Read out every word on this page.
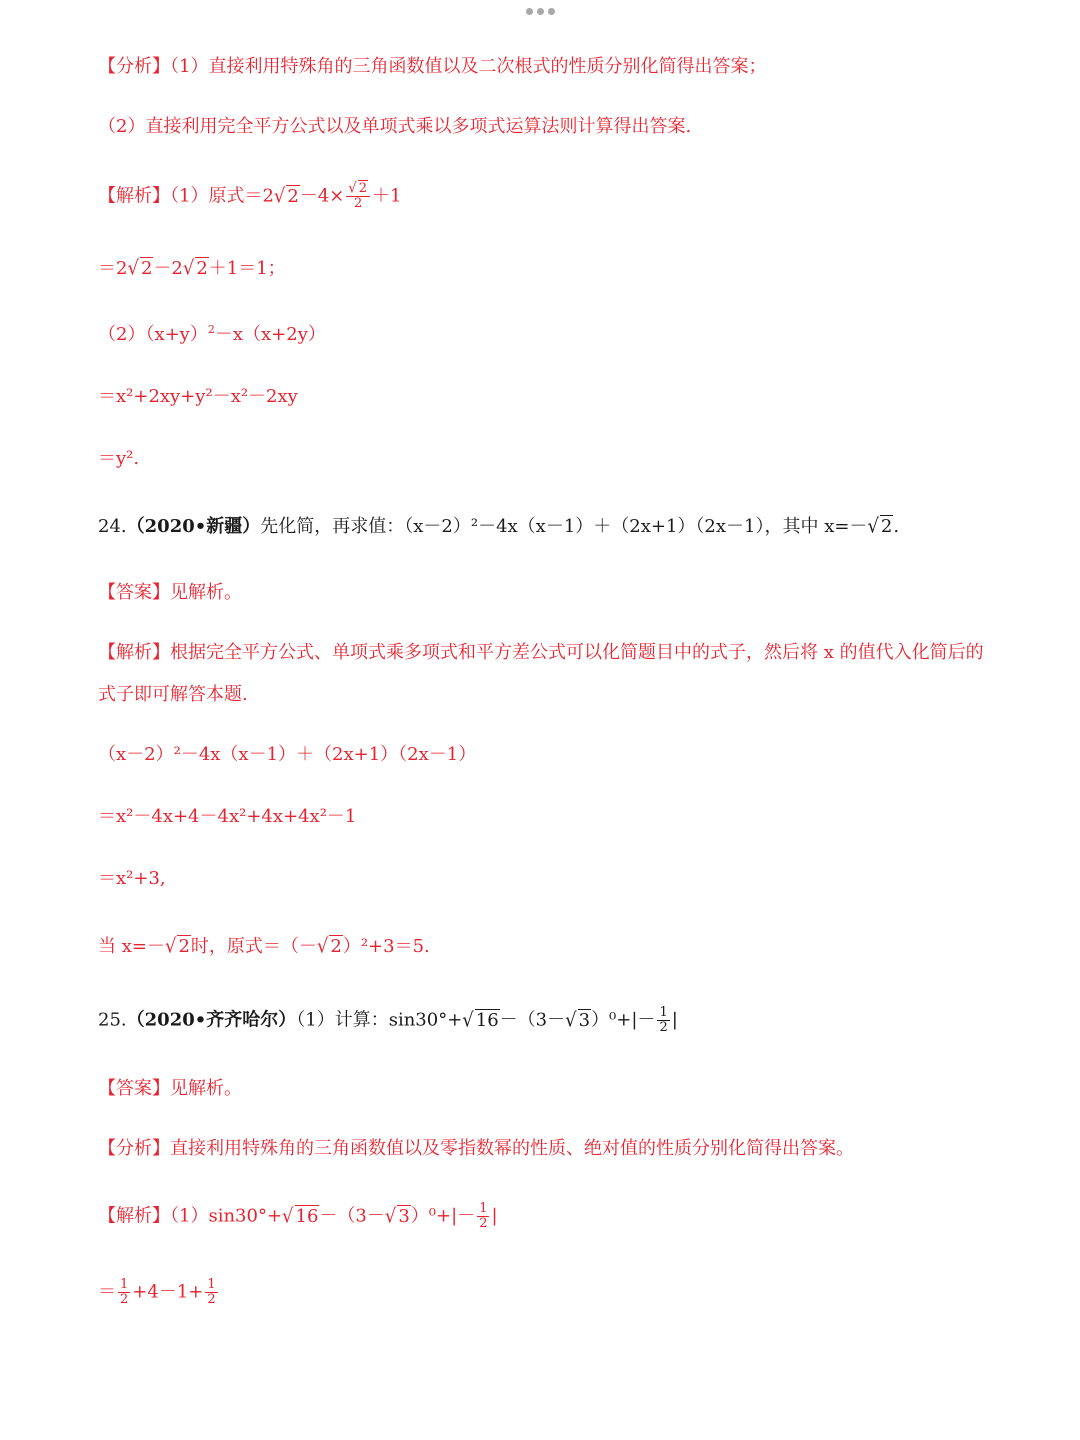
【分析】（1）直接利用特殊角的三角函数值以及二次根式的性质分别化简得出答案；
（2）直接利用完全平方公式以及单项式乘以多项式运算法则计算得出答案.
【解析】（1）原式＝2√ $2-4\times \frac{√ 2}{2} +1$
＝2√ 2－2√ 2＋1＝1；
$(2)(x+y)^2-x(x+2y)$
＝x²+2xy+y²－x²－2xy
＝y².
24.（2020•新疆）先化简，再求值：（x－2）²－4x（x－1）＋（2x+1）（2x－1），其中 x=－√ 2.
【答案】见解析。
【解析】根据完全平方公式、单项式乘多项式和平方差公式可以化简题目中的式子，然后将 x 的值代入化简后的式子即可解答本题.
（x－2）²－4x（x－1）＋（2x+1）（2x－1）
＝x²－4x+4－4x²+4x+4x²－1
＝x²+3,
当 x=－√ 2时，原式＝（－√ 2）²+3＝5.
25.（2020•齐齐哈尔）（1）计算：sin30°+√ 16－（3－√ $3)^0+|- \frac{1}{2}$ |
【答案】见解析。
【分析】直接利用特殊角的三角函数值以及零指数幂的性质、绝对值的性质分别化简得出答案。
【解析】（1）sin30°+√ 16－（3－√ $3)^0+|- \frac{1}{2}$ |
＝ $\frac{1}{2} +4-1+ \frac{1}{2}$
